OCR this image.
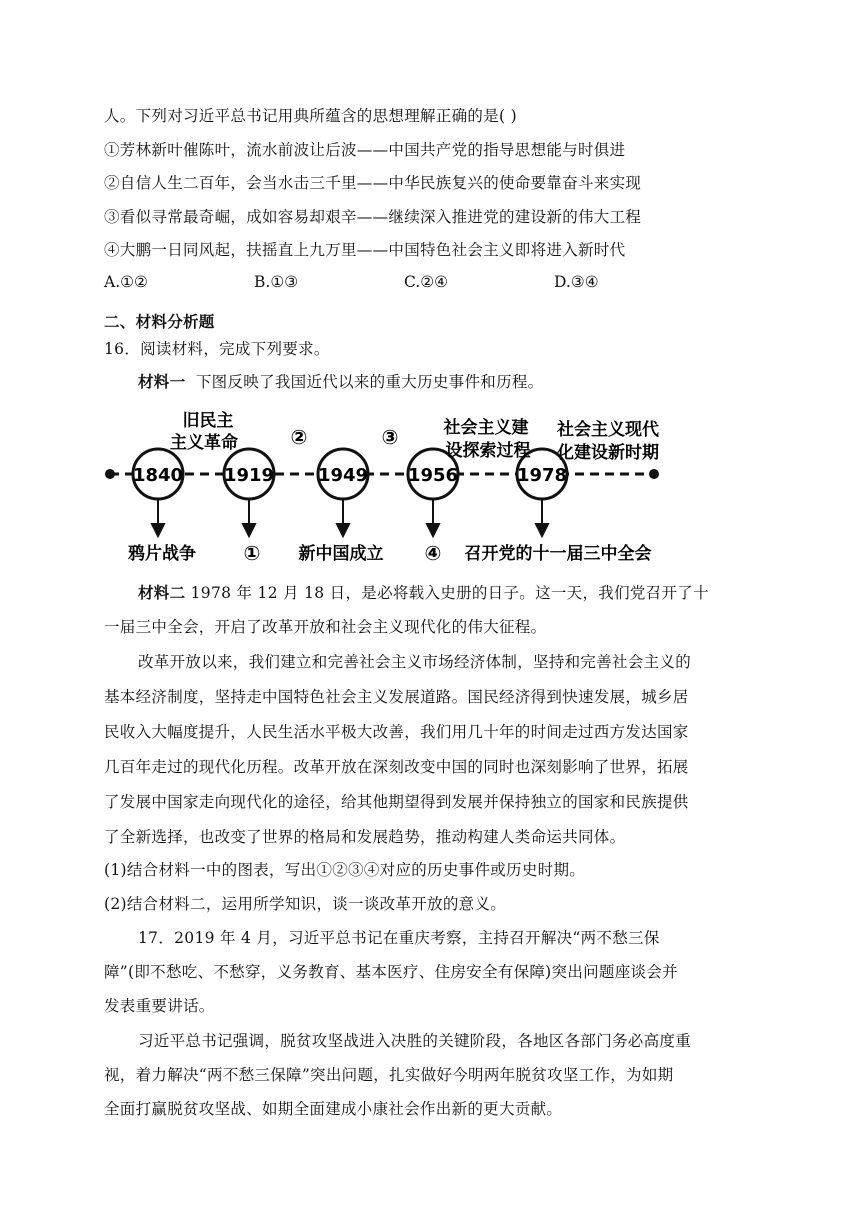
人。下列对习近平总书记用典所蕴含的思想理解正确的是( )
①芳林新叶催陈叶，流水前波让后波——中国共产党的指导思想能与时俱进
②自信人生二百年，会当水击三千里——中华民族复兴的使命要靠奋斗来实现
③看似寻常最奇崛，成如容易却艰辛——继续深入推进党的建设新的伟大工程
④大鹏一日同风起，扶摇直上九万里——中国特色社会主义即将进入新时代
A.①②	B.①③	C.②④	D.③④
二、材料分析题
16．阅读材料，完成下列要求。
材料一 下图反映了我国近代以来的重大历史事件和历程。
1840 1919 1949 1956	1978
旧民主
主义革命	②	③	社会主义建
设探索过程
社会主义现代
化建设新时期
鸦片战争 ① 新中国成立 ④ 召开党的十一届三中全会
材料二 1978 年 12 月 18 日，是必将载入史册的日子。这一天，我们党召开了十
一届三中全会，开启了改革开放和社会主义现代化的伟大征程。
改革开放以来，我们建立和完善社会主义市场经济体制，坚持和完善社会主义的
基本经济制度，坚持走中国特色社会主义发展道路。国民经济得到快速发展，城乡居
民收入大幅度提升，人民生活水平极大改善，我们用几十年的时间走过西方发达国家
几百年走过的现代化历程。改革开放在深刻改变中国的同时也深刻影响了世界，拓展
了发展中国家走向现代化的途径，给其他期望得到发展并保持独立的国家和民族提供
了全新选择，也改变了世界的格局和发展趋势，推动构建人类命运共同体。
(1)结合材料一中的图表，写出①②③④对应的历史事件或历史时期。
(2)结合材料二，运用所学知识，谈一谈改革开放的意义。
17．2019 年 4 月，习近平总书记在重庆考察，主持召开解决“两不愁三保
障”(即不愁吃、不愁穿，义务教育、基本医疗、住房安全有保障)突出问题座谈会并
发表重要讲话。
习近平总书记强调，脱贫攻坚战进入决胜的关键阶段，各地区各部门务必高度重
视，着力解决“两不愁三保障”突出问题，扎实做好今明两年脱贫攻坚工作，为如期
全面打赢脱贫攻坚战、如期全面建成小康社会作出新的更大贡献。
